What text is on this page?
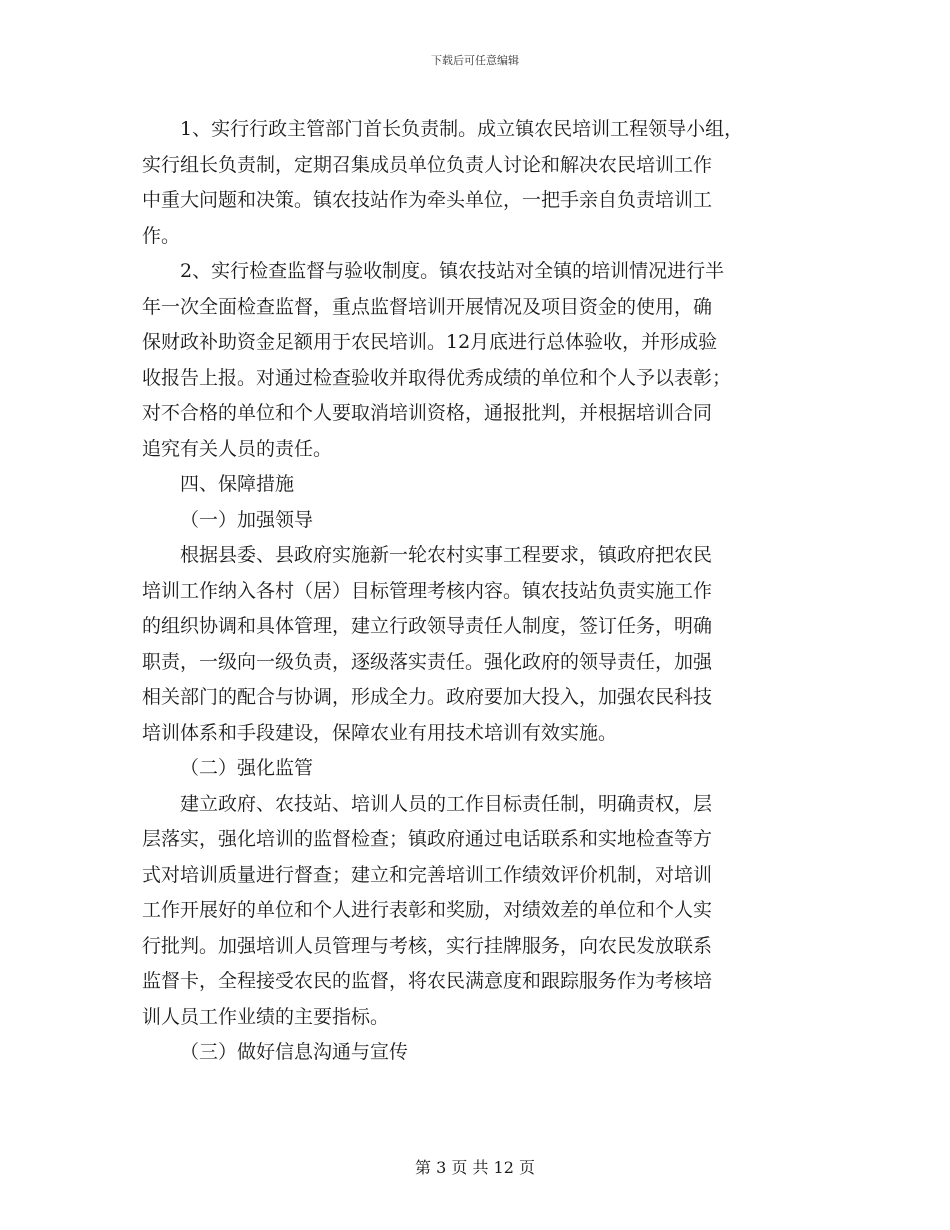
下载后可任意编辑

　　1、实行行政主管部门首长负责制。成立镇农民培训工程领导小组，
实行组长负责制，定期召集成员单位负责人讨论和解决农民培训工作
中重大问题和决策。镇农技站作为牵头单位，一把手亲自负责培训工
作。

　　2、实行检查监督与验收制度。镇农技站对全镇的培训情况进行半
年一次全面检查监督，重点监督培训开展情况及项目资金的使用，确
保财政补助资金足额用于农民培训。12月底进行总体验收，并形成验
收报告上报。对通过检查验收并取得优秀成绩的单位和个人予以表彰；
对不合格的单位和个人要取消培训资格，通报批判，并根据培训合同
追究有关人员的责任。

四、保障措施

（一）加强领导

　　根据县委、县政府实施新一轮农村实事工程要求，镇政府把农民
培训工作纳入各村（居）目标管理考核内容。镇农技站负责实施工作
的组织协调和具体管理，建立行政领导责任人制度，签订任务，明确
职责，一级向一级负责，逐级落实责任。强化政府的领导责任，加强
相关部门的配合与协调，形成全力。政府要加大投入，加强农民科技
培训体系和手段建设，保障农业有用技术培训有效实施。

（二）强化监管

　　建立政府、农技站、培训人员的工作目标责任制，明确责权，层
层落实，强化培训的监督检查；镇政府通过电话联系和实地检查等方
式对培训质量进行督查；建立和完善培训工作绩效评价机制，对培训
工作开展好的单位和个人进行表彰和奖励，对绩效差的单位和个人实
行批判。加强培训人员管理与考核，实行挂牌服务，向农民发放联系
监督卡，全程接受农民的监督，将农民满意度和跟踪服务作为考核培
训人员工作业绩的主要指标。

（三）做好信息沟通与宣传

第 3 页 共 12 页
